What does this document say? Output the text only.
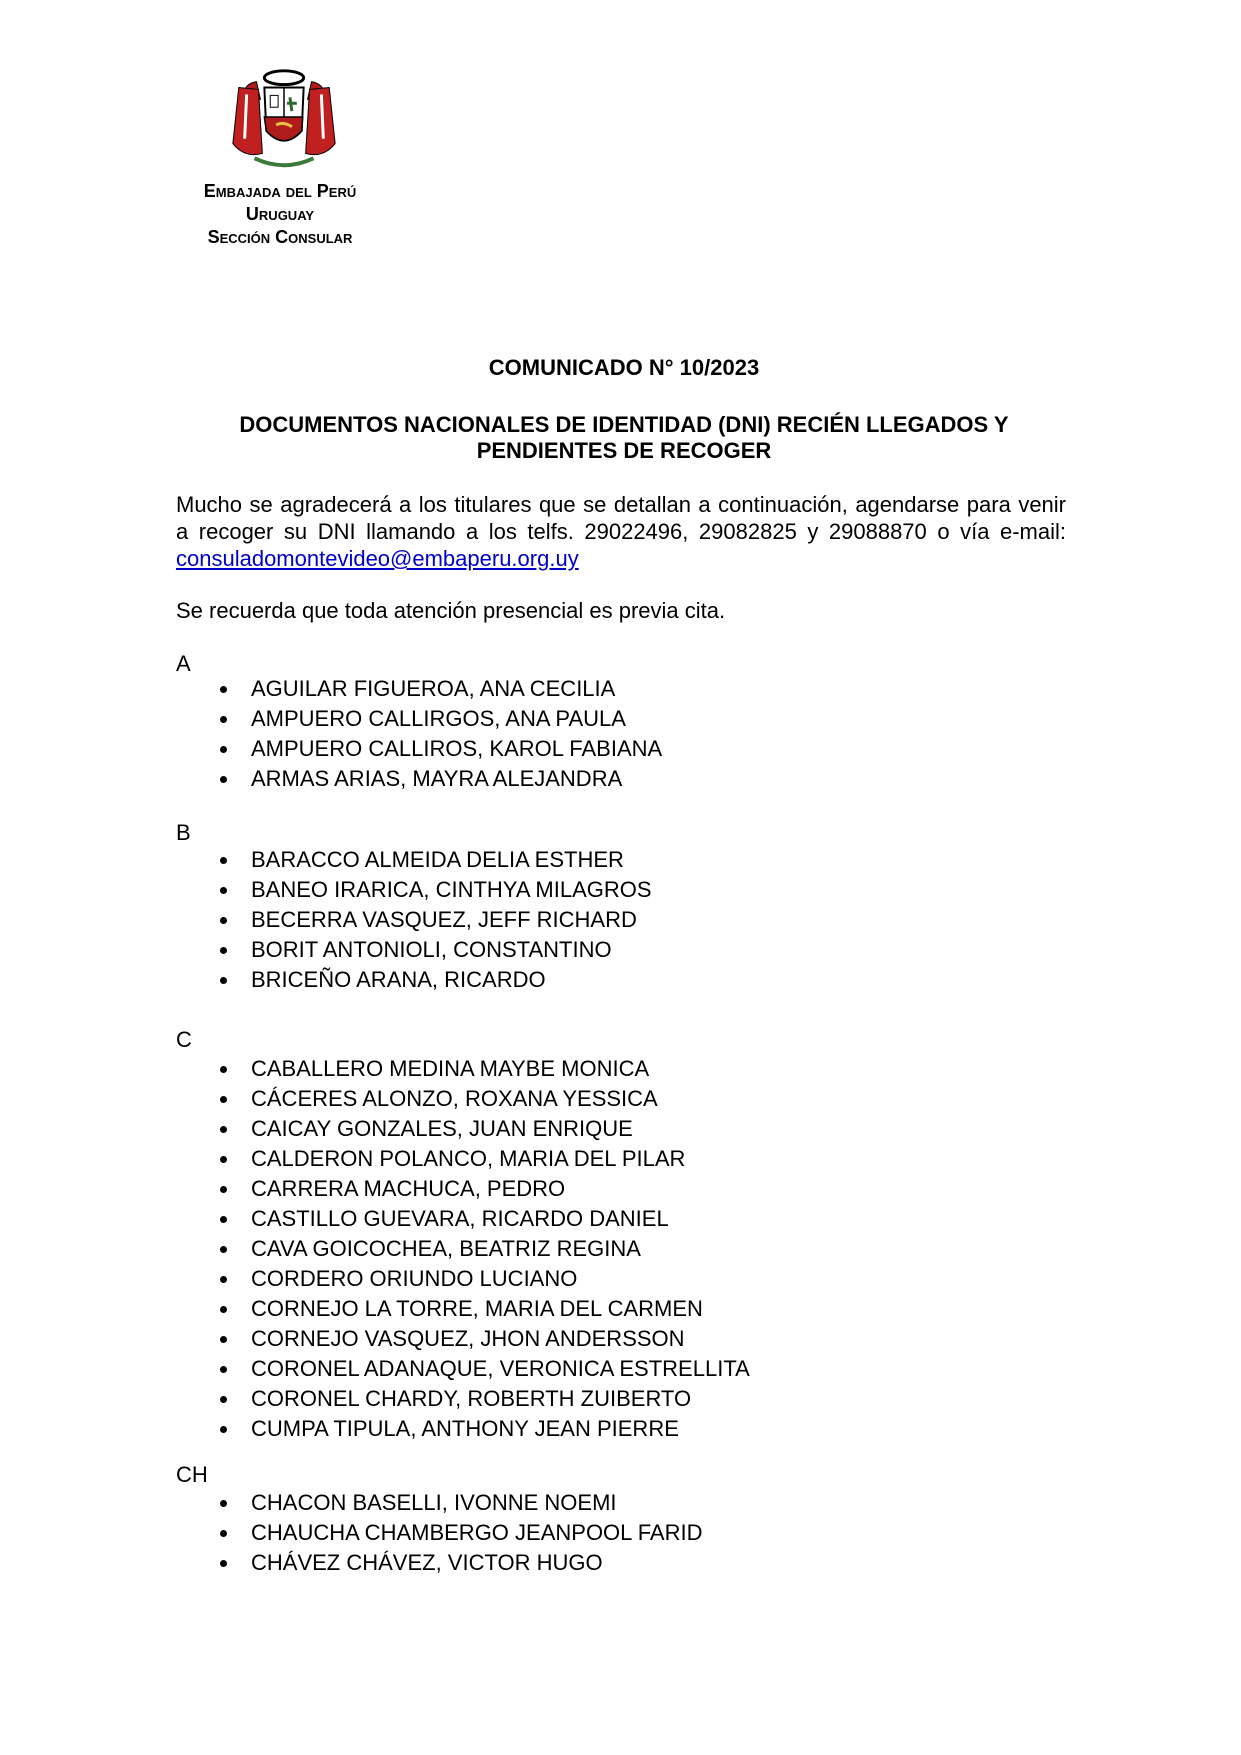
Embajada del Perú
Uruguay
Sección Consular
COMUNICADO N° 10/2023
DOCUMENTOS NACIONALES DE IDENTIDAD (DNI) RECIÉN LLEGADOS Y
PENDIENTES DE RECOGER
Mucho se agradecerá a los titulares que se detallan a continuación, agendarse para venir a recoger su DNI llamando a los telfs. 29022496, 29082825 y 29088870 o vía e-mail: consuladomontevideo@embaperu.org.uy
Se recuerda que toda atención presencial es previa cita.
A
AGUILAR FIGUEROA, ANA CECILIA
AMPUERO CALLIRGOS, ANA PAULA
AMPUERO CALLIROS, KAROL FABIANA
ARMAS ARIAS, MAYRA ALEJANDRA
B
BARACCO ALMEIDA DELIA ESTHER
BANEO IRARICA, CINTHYA MILAGROS
BECERRA VASQUEZ, JEFF RICHARD
BORIT ANTONIOLI, CONSTANTINO
BRICEÑO ARANA, RICARDO
C
CABALLERO MEDINA MAYBE MONICA
CÁCERES ALONZO, ROXANA YESSICA
CAICAY GONZALES, JUAN ENRIQUE
CALDERON POLANCO, MARIA DEL PILAR
CARRERA MACHUCA, PEDRO
CASTILLO GUEVARA, RICARDO DANIEL
CAVA GOICOCHEA, BEATRIZ REGINA
CORDERO ORIUNDO LUCIANO
CORNEJO LA TORRE, MARIA DEL CARMEN
CORNEJO VASQUEZ, JHON ANDERSSON
CORONEL ADANAQUE, VERONICA ESTRELLITA
CORONEL CHARDY, ROBERTH ZUIBERTO
CUMPA TIPULA, ANTHONY JEAN PIERRE
CH
CHACON BASELLI, IVONNE NOEMI
CHAUCHA CHAMBERGO JEANPOOL FARID
CHÁVEZ CHÁVEZ, VICTOR HUGO
